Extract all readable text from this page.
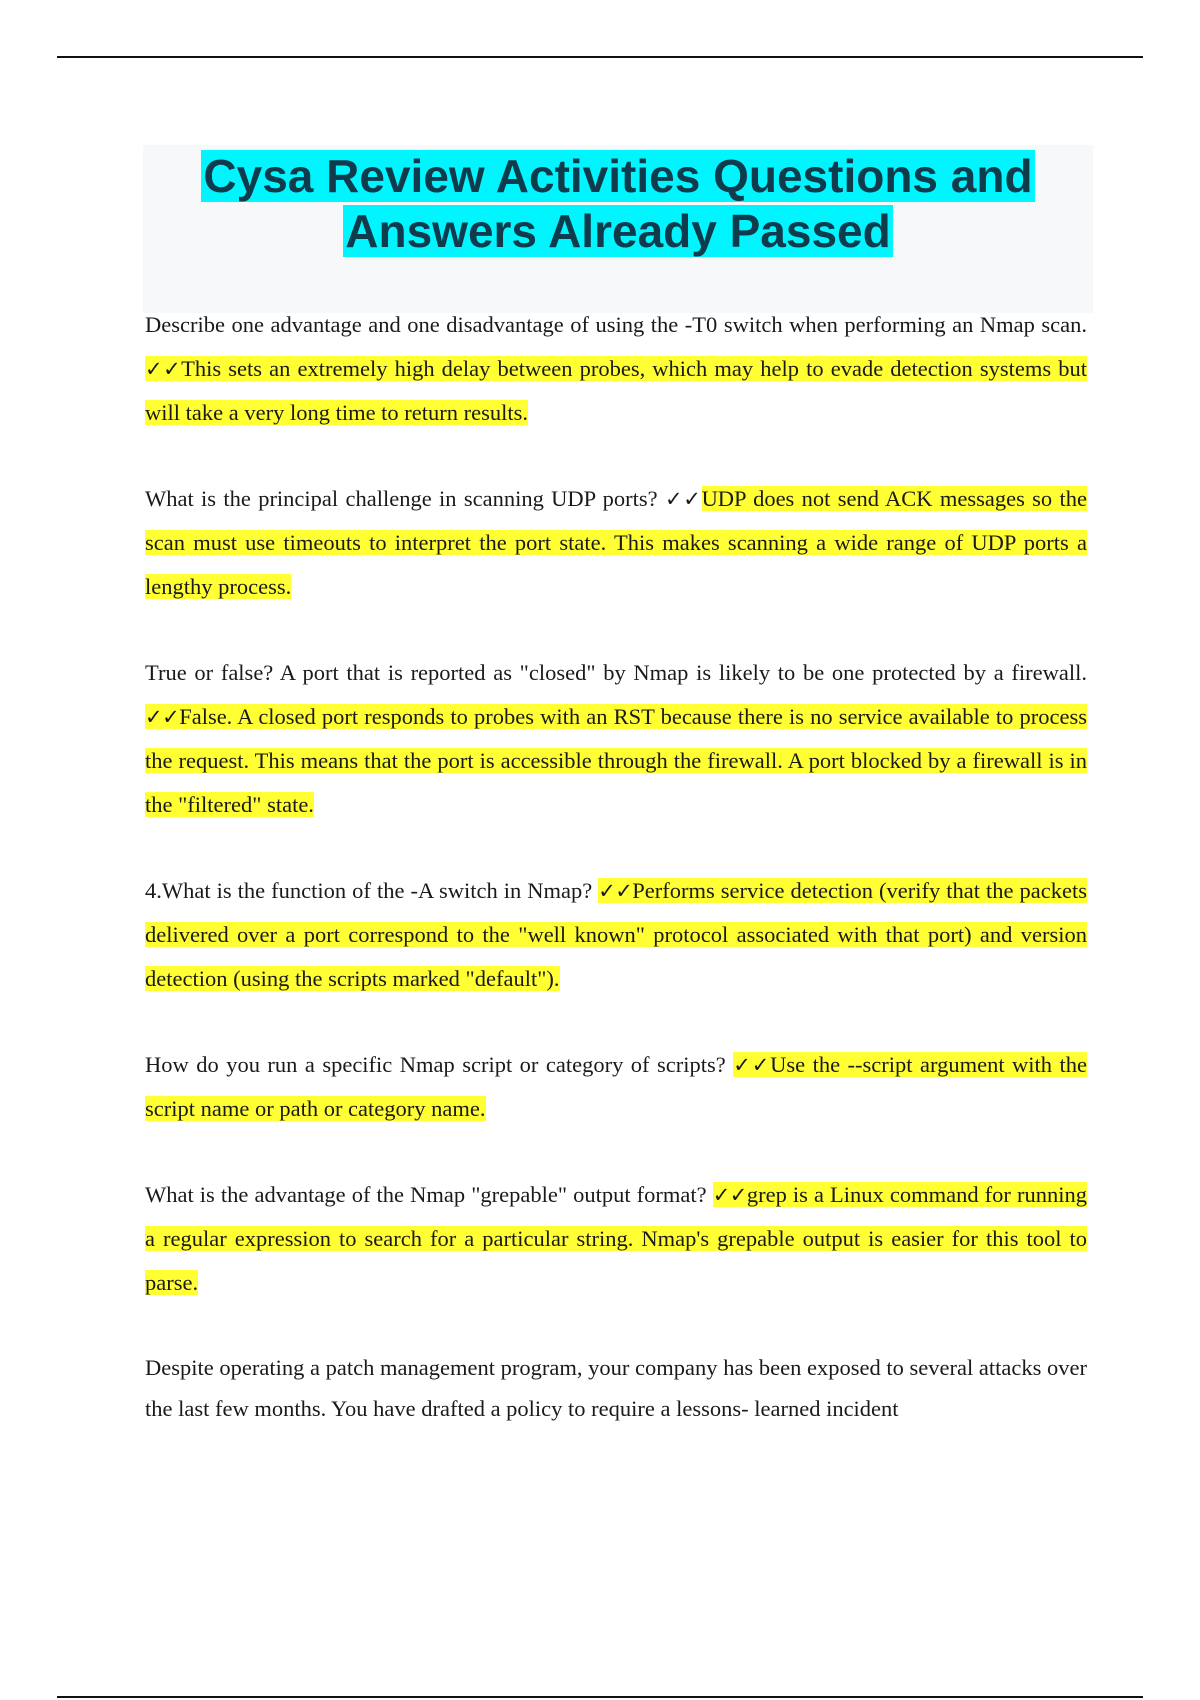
Cysa Review Activities Questions and
Answers Already Passed

Describe one advantage and one disadvantage of using the -T0 switch when performing an Nmap scan. ✓✓This sets an extremely high delay between probes, which may help to evade detection systems but will take a very long time to return results.

What is the principal challenge in scanning UDP ports? ✓✓UDP does not send ACK messages so the scan must use timeouts to interpret the port state. This makes scanning a wide range of UDP ports a lengthy process.

True or false? A port that is reported as "closed" by Nmap is likely to be one protected by a firewall. ✓✓False. A closed port responds to probes with an RST because there is no service available to process the request. This means that the port is accessible through the firewall. A port blocked by a firewall is in the "filtered" state.

4.What is the function of the -A switch in Nmap? ✓✓Performs service detection (verify that the packets delivered over a port correspond to the "well known" protocol associated with that port) and version detection (using the scripts marked "default").

How do you run a specific Nmap script or category of scripts? ✓✓Use the --script argument with the script name or path or category name.

What is the advantage of the Nmap "grepable" output format? ✓✓grep is a Linux command for running a regular expression to search for a particular string. Nmap's grepable output is easier for this tool to parse.

Despite operating a patch management program, your company has been exposed to several attacks over the last few months. You have drafted a policy to require a lessons- learned incident
